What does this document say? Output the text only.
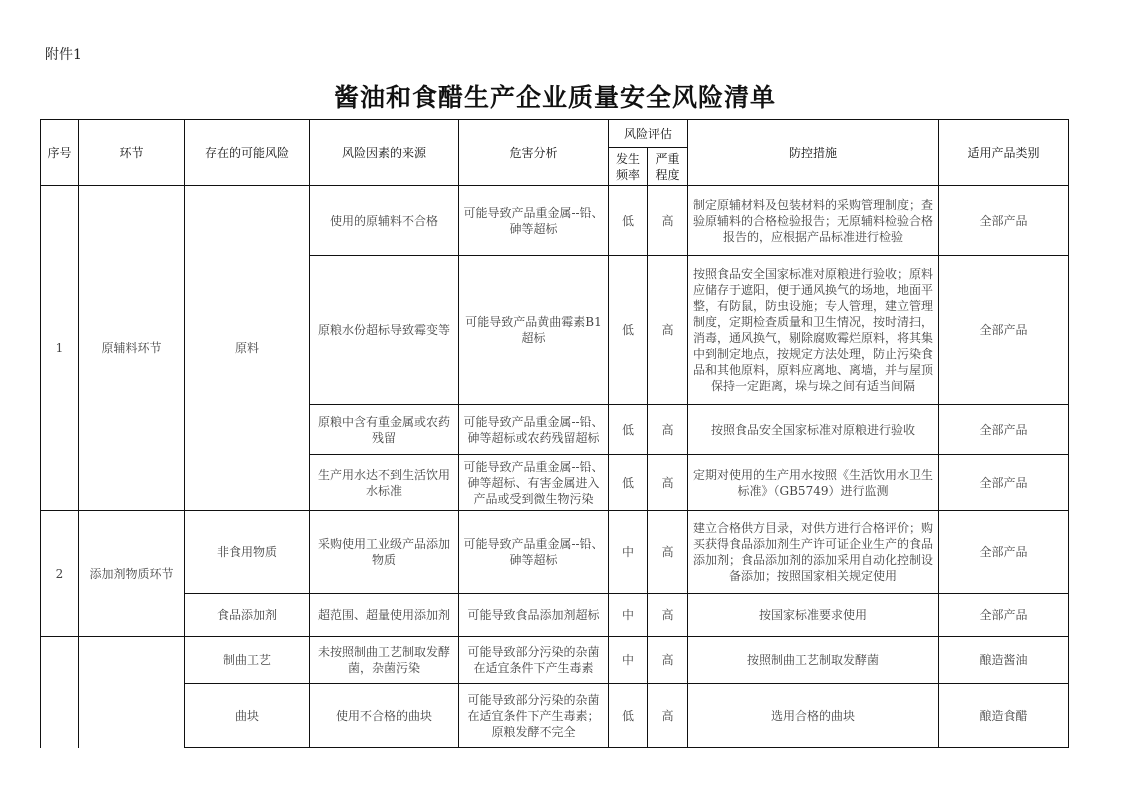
附件1
酱油和食醋生产企业质量安全风险清单
序号	环节	存在的可能风险	风险因素的来源	危害分析	风险评估		防控措施	适用产品类别
					发生频率	严重程度		
1	原辅料环节	原料	使用的原辅料不合格	可能导致产品重金属--铅、砷等超标	低	高	制定原辅材料及包装材料的采购管理制度；查验原辅料的合格检验报告；无原辅料检验合格报告的，应根据产品标准进行检验	全部产品
			原粮水份超标导致霉变等	可能导致产品黄曲霉素B1超标	低	高	按照食品安全国家标准对原粮进行验收；原料应储存于遮阳，便于通风换气的场地，地面平整，有防鼠，防虫设施；专人管理，建立管理制度，定期检查质量和卫生情况，按时清扫，消毒，通风换气，剔除腐败霉烂原料，将其集中到制定地点，按规定方法处理，防止污染食品和其他原料，原料应离地、离墙，并与屋顶保持一定距离，垛与垛之间有适当间隔	全部产品
			原粮中含有重金属或农药残留	可能导致产品重金属--铅、砷等超标或农药残留超标	低	高	按照食品安全国家标准对原粮进行验收	全部产品
			生产用水达不到生活饮用水标准	可能导致产品重金属--铅、砷等超标、有害金属进入产品或受到微生物污染	低	高	定期对使用的生产用水按照《生活饮用水卫生标准》（GB5749）进行监测	全部产品
2	添加剂物质环节	非食用物质	采购使用工业级产品添加物质	可能导致产品重金属--铅、砷等超标	中	高	建立合格供方目录，对供方进行合格评价；购买获得食品添加剂生产许可证企业生产的食品添加剂；食品添加剂的添加采用自动化控制设备添加；按照国家相关规定使用	全部产品
		食品添加剂	超范围、超量使用添加剂	可能导致食品添加剂超标	中	高	按国家标准要求使用	全部产品
		制曲工艺	未按照制曲工艺制取发酵菌，杂菌污染	可能导致部分污染的杂菌在适宜条件下产生毒素	中	高	按照制曲工艺制取发酵菌	酿造酱油
		曲块	使用不合格的曲块	可能导致部分污染的杂菌在适宜条件下产生毒素；原粮发酵不完全	低	高	选用合格的曲块	酿造食醋
